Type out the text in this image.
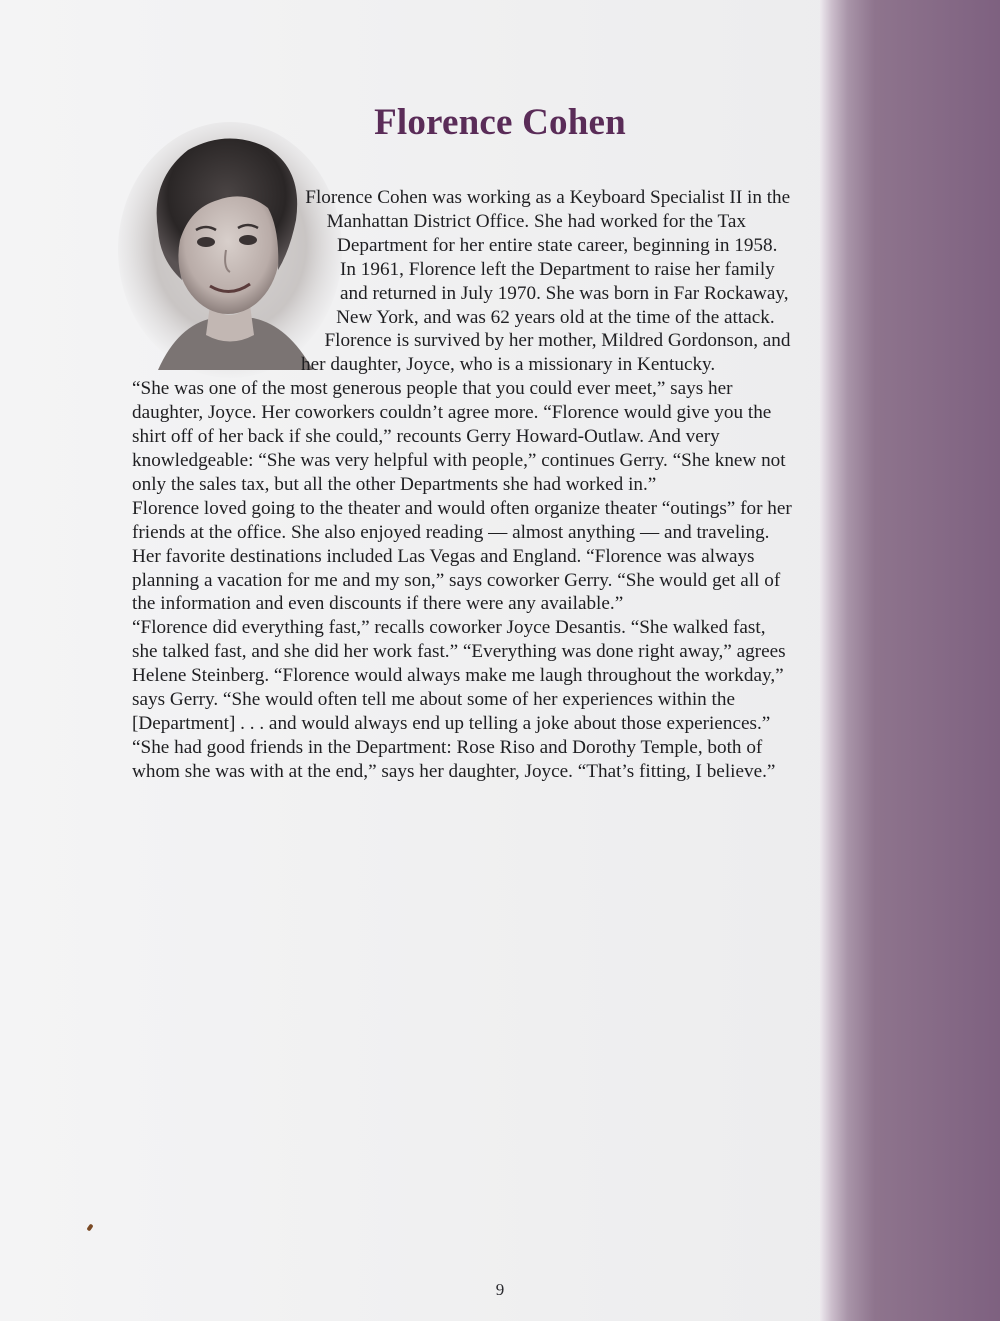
Florence Cohen

Florence Cohen was working as a Keyboard Specialist II in the Manhattan District Office. She had worked for the Tax Department for her entire state career, beginning in 1958. In 1961, Florence left the Department to raise her family and returned in July 1970. She was born in Far Rockaway, New York, and was 62 years old at the time of the attack. Florence is survived by her mother, Mildred Gordonson, and her daughter, Joyce, who is a missionary in Kentucky.

“She was one of the most generous people that you could ever meet,” says her daughter, Joyce. Her coworkers couldn’t agree more. “Florence would give you the shirt off of her back if she could,” recounts Gerry Howard-Outlaw. And very knowledgeable: “She was very helpful with people,” continues Gerry. “She knew not only the sales tax, but all the other Departments she had worked in.”

Florence loved going to the theater and would often organize theater “outings” for her friends at the office. She also enjoyed reading — almost anything — and traveling. Her favorite destinations included Las Vegas and England. “Florence was always planning a vacation for me and my son,” says coworker Gerry. “She would get all of the information and even discounts if there were any available.”

“Florence did everything fast,” recalls coworker Joyce Desantis. “She walked fast, she talked fast, and she did her work fast.” “Everything was done right away,” agrees Helene Steinberg. “Florence would always make me laugh throughout the workday,” says Gerry. “She would often tell me about some of her experiences within the [Department] . . . and would always end up telling a joke about those experiences.”

“She had good friends in the Department: Rose Riso and Dorothy Temple, both of whom she was with at the end,” says her daughter, Joyce. “That’s fitting, I believe.”

9
